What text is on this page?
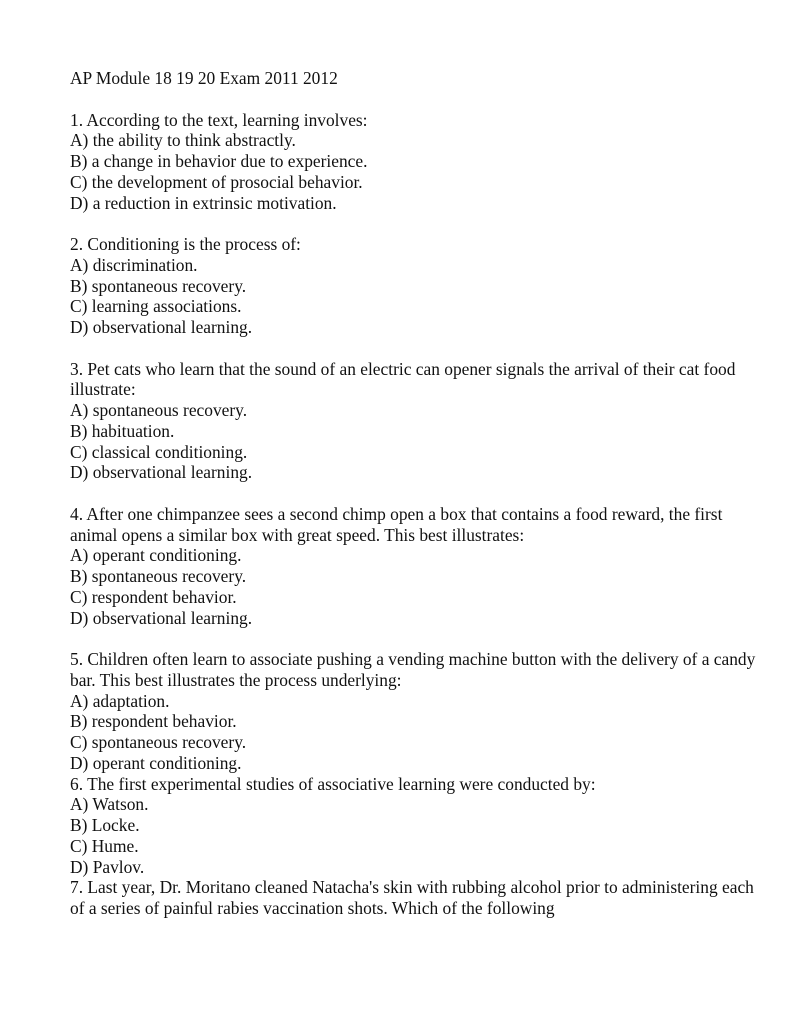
AP Module 18 19 20 Exam 2011 2012

1. According to the text, learning involves:

A) the ability to think abstractly.

B) a change in behavior due to experience.

C) the development of prosocial behavior.

D) a reduction in extrinsic motivation.

2. Conditioning is the process of:

A) discrimination.

B) spontaneous recovery.

C) learning associations.

D) observational learning.

3. Pet cats who learn that the sound of an electric can opener signals the arrival of their cat food illustrate:

A) spontaneous recovery.

B) habituation.

C) classical conditioning.

D) observational learning.

4. After one chimpanzee sees a second chimp open a box that contains a food reward, the first animal opens a similar box with great speed. This best illustrates:

A) operant conditioning.

B) spontaneous recovery.

C) respondent behavior.

D) observational learning.

5. Children often learn to associate pushing a vending machine button with the delivery of a candy bar. This best illustrates the process underlying:

A) adaptation.

B) respondent behavior.

C) spontaneous recovery.

D) operant conditioning.

6. The first experimental studies of associative learning were conducted by:

A) Watson.

B) Locke.

C) Hume.

D) Pavlov.

7. Last year, Dr. Moritano cleaned Natacha's skin with rubbing alcohol prior to administering each of a series of painful rabies vaccination shots. Which of the following
